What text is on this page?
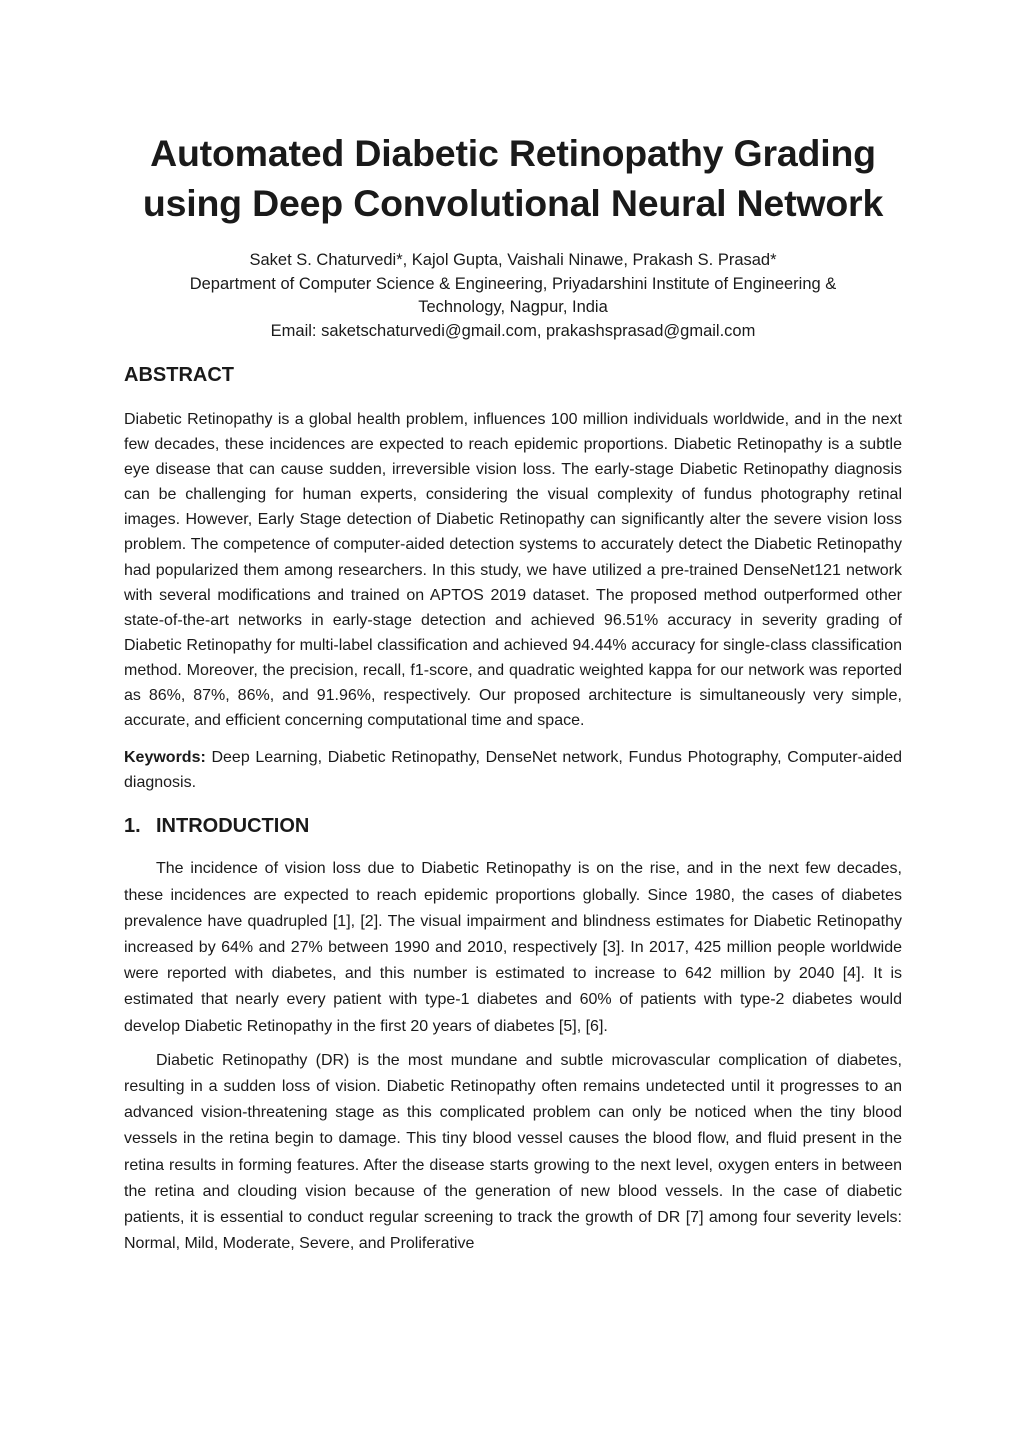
Automated Diabetic Retinopathy Grading
using Deep Convolutional Neural Network
Saket S. Chaturvedi*, Kajol Gupta, Vaishali Ninawe, Prakash S. Prasad*
Department of Computer Science & Engineering, Priyadarshini Institute of Engineering &
Technology, Nagpur, India
Email: saketschaturvedi@gmail.com, prakashsprasad@gmail.com
ABSTRACT

Diabetic Retinopathy is a global health problem, influences 100 million individuals worldwide, and in the next few decades, these incidences are expected to reach epidemic proportions. Diabetic Retinopathy is a subtle eye disease that can cause sudden, irreversible vision loss. The early-stage Diabetic Retinopathy diagnosis can be challenging for human experts, considering the visual complexity of fundus photography retinal images. However, Early Stage detection of Diabetic Retinopathy can significantly alter the severe vision loss problem. The competence of computer-aided detection systems to accurately detect the Diabetic Retinopathy had popularized them among researchers. In this study, we have utilized a pre-trained DenseNet121 network with several modifications and trained on APTOS 2019 dataset. The proposed method outperformed other state-of-the-art networks in early-stage detection and achieved 96.51% accuracy in severity grading of Diabetic Retinopathy for multi-label classification and achieved 94.44% accuracy for single-class classification method. Moreover, the precision, recall, f1-score, and quadratic weighted kappa for our network was reported as 86%, 87%, 86%, and 91.96%, respectively. Our proposed architecture is simultaneously very simple, accurate, and efficient concerning computational time and space.

Keywords: Deep Learning, Diabetic Retinopathy, DenseNet network, Fundus Photography, Computer-aided diagnosis.

1. INTRODUCTION

The incidence of vision loss due to Diabetic Retinopathy is on the rise, and in the next few decades, these incidences are expected to reach epidemic proportions globally. Since 1980, the cases of diabetes prevalence have quadrupled [1], [2]. The visual impairment and blindness estimates for Diabetic Retinopathy increased by 64% and 27% between 1990 and 2010, respectively [3]. In 2017, 425 million people worldwide were reported with diabetes, and this number is estimated to increase to 642 million by 2040 [4]. It is estimated that nearly every patient with type-1 diabetes and 60% of patients with type-2 diabetes would develop Diabetic Retinopathy in the first 20 years of diabetes [5], [6].

Diabetic Retinopathy (DR) is the most mundane and subtle microvascular complication of diabetes, resulting in a sudden loss of vision. Diabetic Retinopathy often remains undetected until it progresses to an advanced vision-threatening stage as this complicated problem can only be noticed when the tiny blood vessels in the retina begin to damage. This tiny blood vessel causes the blood flow, and fluid present in the retina results in forming features. After the disease starts growing to the next level, oxygen enters in between the retina and clouding vision because of the generation of new blood vessels. In the case of diabetic patients, it is essential to conduct regular screening to track the growth of DR [7] among four severity levels: Normal, Mild, Moderate, Severe, and Proliferative
